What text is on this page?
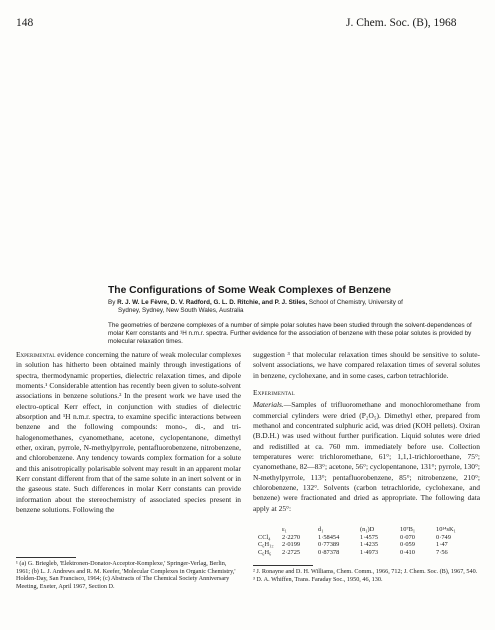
148	J. Chem. Soc. (B), 1968
The Configurations of Some Weak Complexes of Benzene
By R. J. W. Le Fèvre, D. V. Radford, G. L. D. Ritchie, and P. J. Stiles, School of Chemistry, University of
Sydney, Sydney, New South Wales, Australia
The geometries of benzene complexes of a number of simple polar solutes have been studied through the solvent-dependences of molar Kerr constants and ¹H n.m.r. spectra. Further evidence for the association of benzene with these polar solutes is provided by molecular relaxation times.

Experimental evidence concerning the nature of weak molecular complexes in solution has hitherto been obtained mainly through investigations of spectra, thermodynamic properties, dielectric relaxation times, and dipole moments.¹ Considerable attention has recently been given to solute-solvent associations in benzene solutions.² In the present work we have used the electro-optical Kerr effect, in conjunction with studies of dielectric absorption and ¹H n.m.r. spectra, to examine specific interactions between benzene and the following compounds: mono-, di-, and tri-halogenomethanes, cyanomethane, acetone, cyclopentanone, dimethyl ether, oxiran, pyrrole, N-methylpyrrole, pentafluorobenzene, nitrobenzene, and chlorobenzene. Any tendency towards complex formation for a solute and this anisotropically polarisable solvent may result in an apparent molar Kerr constant different from that of the same solute in an inert solvent or in the gaseous state. Such differences in molar Kerr constants can provide information about the stereochemistry of associated species present in benzene solutions. Following the

¹ (a) G. Briegleb, 'Elektronen-Donator-Acceptor-Komplexe,' Springer-Verlag, Berlin, 1961; (b) L. J. Andrews and R. M. Keefer, 'Molecular Complexes in Organic Chemistry,' Holden-Day, San Francisco, 1964; (c) Abstracts of The Chemical Society Anniversary Meeting, Exeter, April 1967, Section D.

suggestion ³ that molecular relaxation times should be sensitive to solute-solvent associations, we have compared relaxation times of several solutes in benzene, cyclohexane, and in some cases, carbon tetrachloride.

Experimental

Materials.—Samples of trifluoromethane and monochloromethane from commercial cylinders were dried (P₂O₅). Dimethyl ether, prepared from methanol and concentrated sulphuric acid, was dried (KOH pellets). Oxiran (B.D.H.) was used without further purification. Liquid solutes were dried and redistilled at ca. 760 mm. immediately before use. Collection temperatures were: trichloromethane, 61°; 1,1,1-trichloroethane, 75°; cyanomethane, 82—83°; acetone, 56°; cyclopentanone, 131°; pyrrole, 130°; N-methylpyrrole, 113°; pentafluorobenzene, 85°; nitrobenzene, 210°; chlorobenzene, 132°. Solvents (carbon tetrachloride, cyclohexane, and benzene) were fractionated and dried as appropriate. The following data apply at 25°:

	ε₁	d₁	(n₁)D	10⁷B₁	10¹⁴sK₁
CCl₄	2·2270	1·58454	1·4575	0·070	0·749
C₆H₁₂	2·0199	0·77389	1·4235	0·059	1·47
C₆H₆	2·2725	0·87378	1·4973	0·410	7·56

² J. Ronayne and D. H. Williams, Chem. Comm., 1966, 712; J. Chem. Soc. (B), 1967, 540.

³ D. A. Whiffen, Trans. Faraday Soc., 1950, 46, 130.
